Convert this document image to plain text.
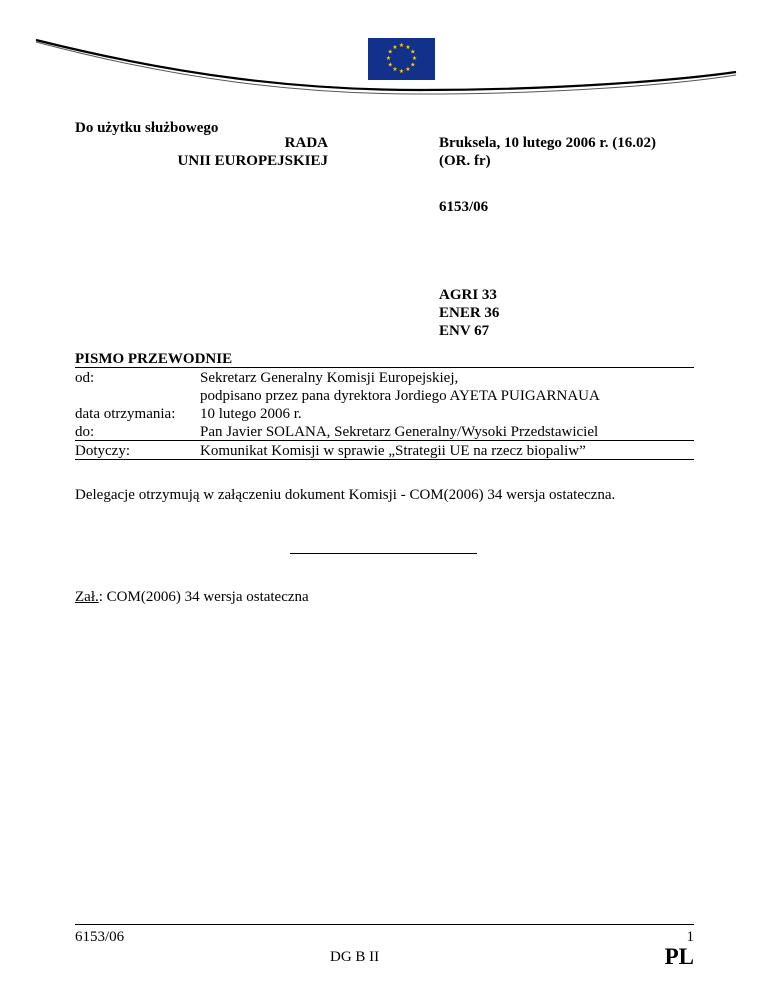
★ ★
★
★
★
★
★
★
★
★
★
★
Do użytku służbowego
RADA
UNII EUROPEJSKIEJ
Bruksela, 10 lutego 2006 r. (16.02)
(OR. fr)
6153/06
AGRI 33
ENER 36
ENV 67
PISMO PRZEWODNIE
od:	Sekretarz Generalny Komisji Europejskiej,
podpisano przez pana dyrektora Jordiego AYETA PUIGARNAUA
data otrzymania: 10 lutego 2006 r.
do:	Pan Javier SOLANA, Sekretarz Generalny/Wysoki Przedstawiciel
Dotyczy:	Komunikat Komisji w sprawie „Strategii UE na rzecz biopaliw”
Delegacje otrzymują w załączeniu dokument Komisji - COM(2006) 34 wersja ostateczna.
Zał.: COM(2006) 34 wersja ostateczna
6153/06
DG B II
1
PL
